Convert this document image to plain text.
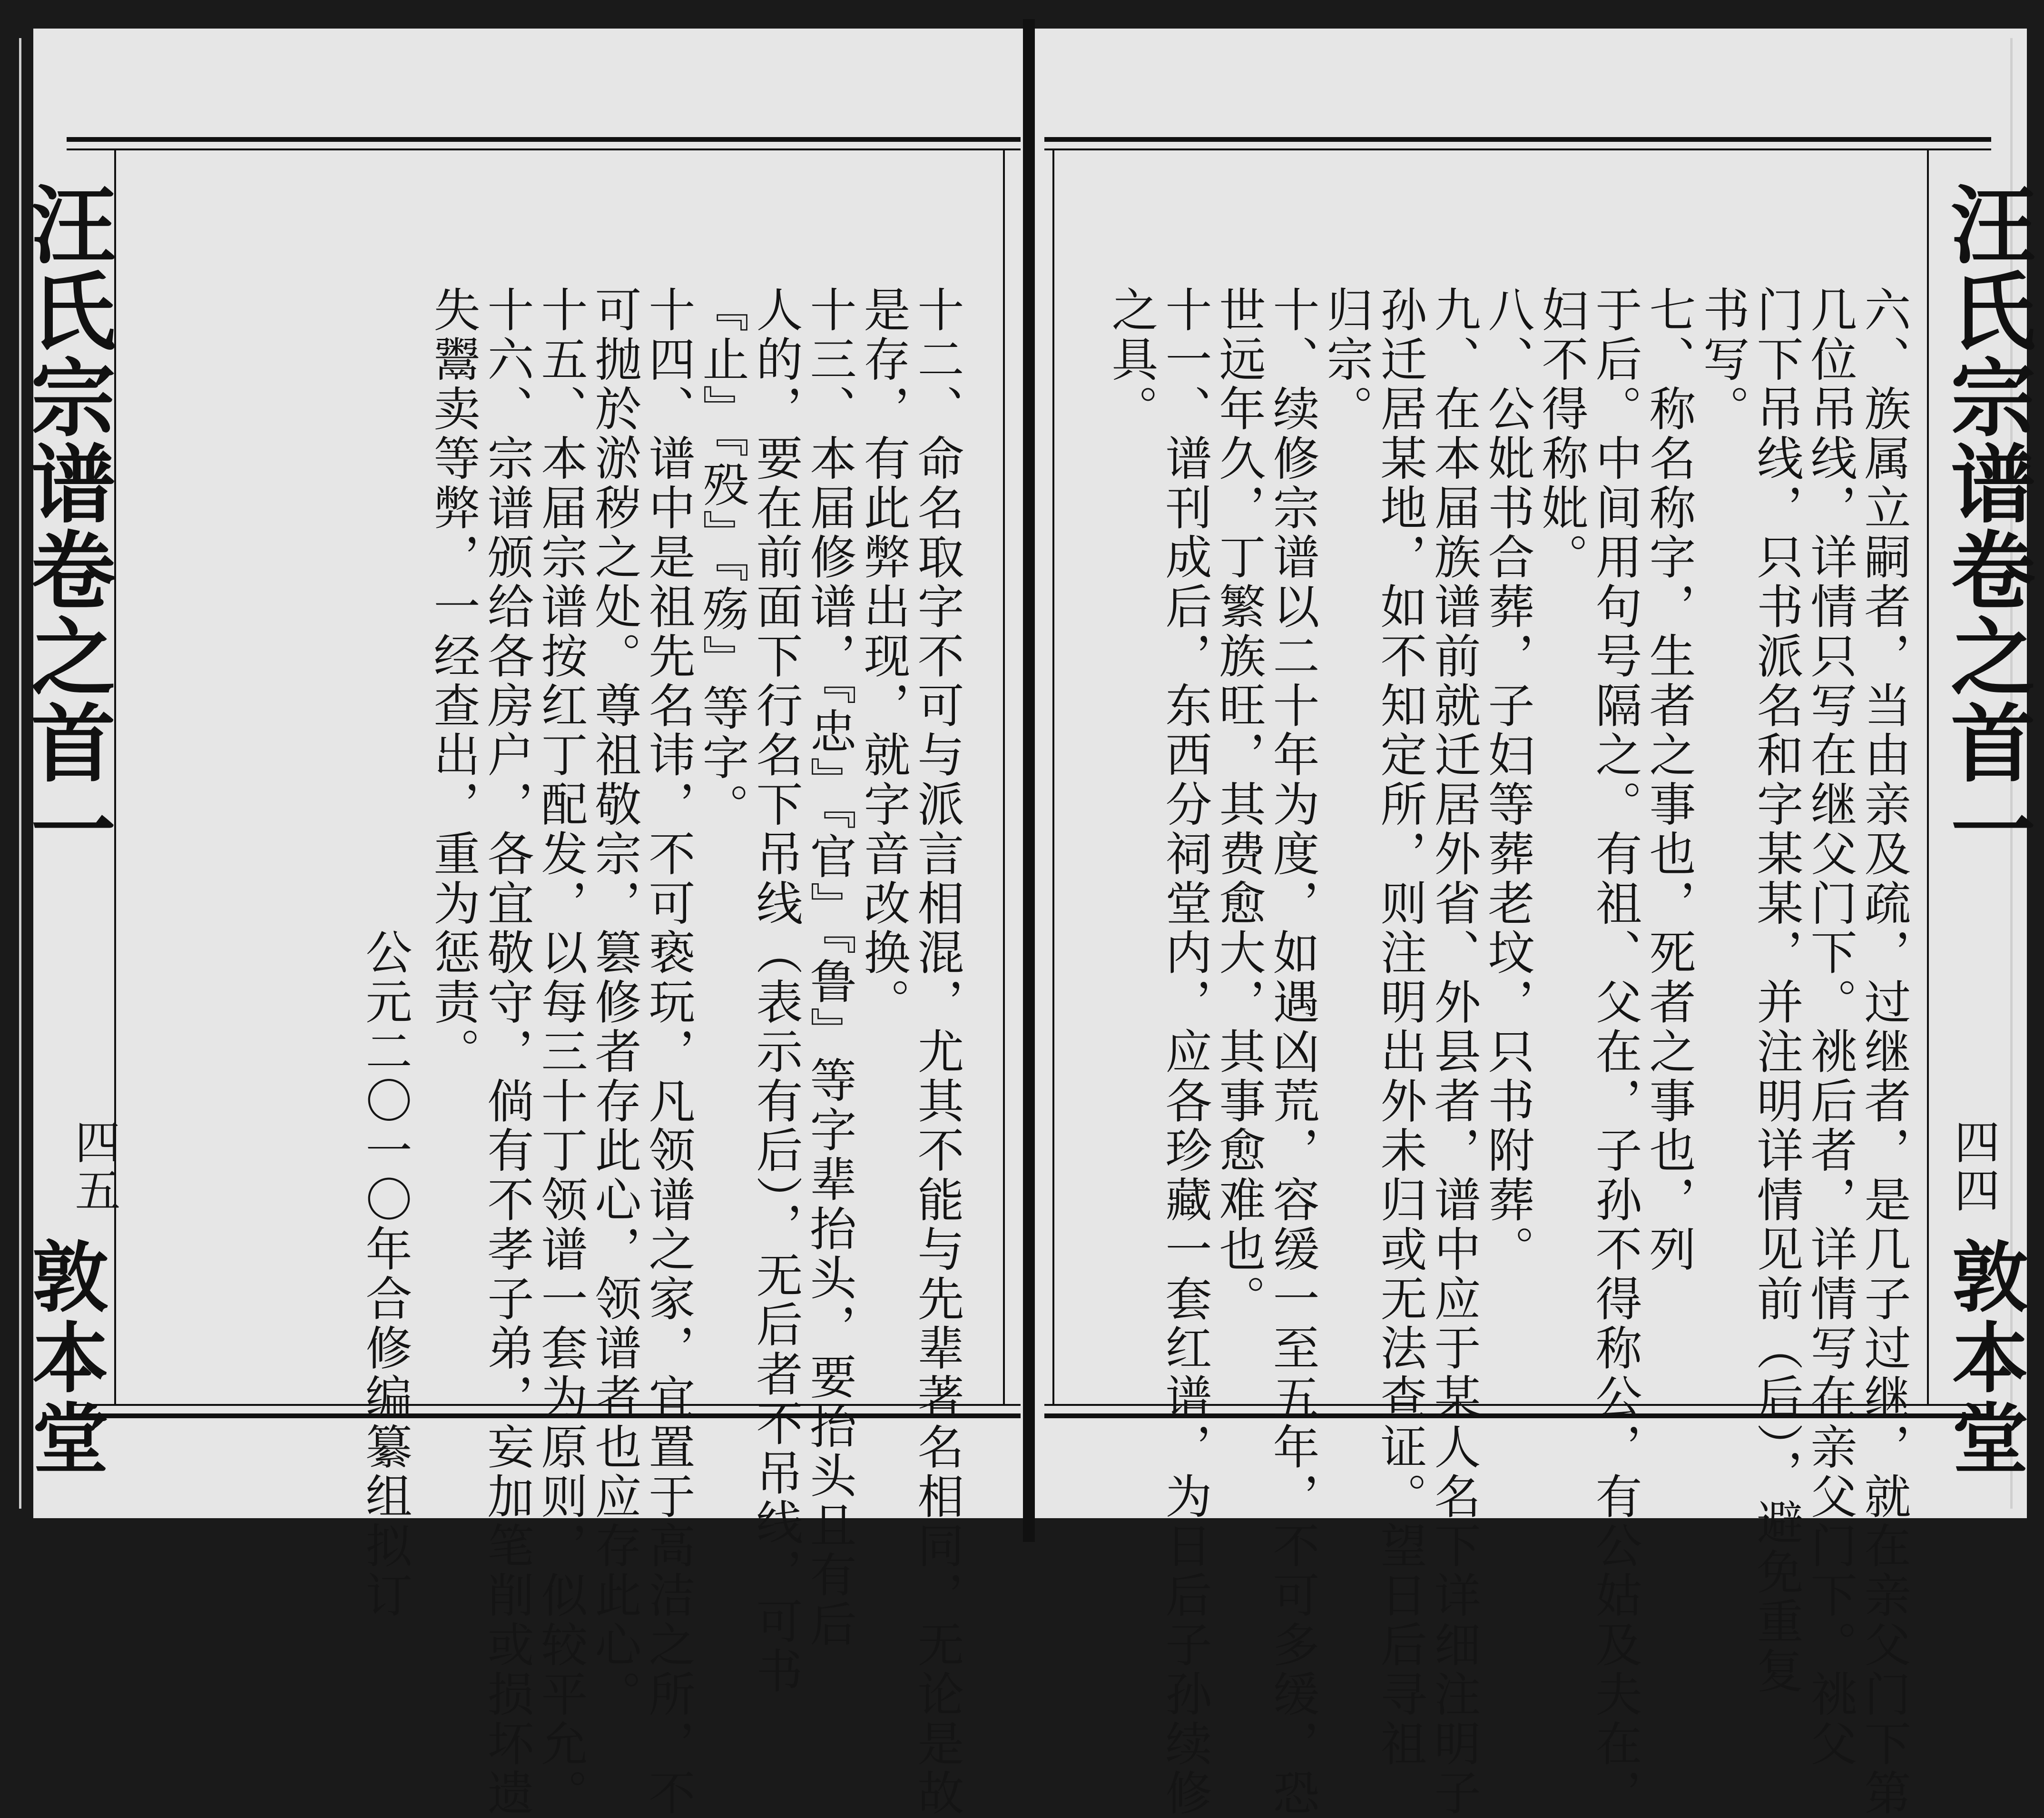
六、族属立嗣者，当由亲及疏，过继者，是几子过继，就在亲父门下第
几位吊线，详情只写在继父门下。祧后者，详情写在亲父门下。祧父
门下吊线，只书派名和字某某，并注明详情见前（后），避免重复
书写。
七、称名称字，生者之事也，死者之事也，列
于后。中间用句号隔之。有祖、父在，子孙不得称公，有公姑及夫在，
妇不得称妣。
八、公妣书合葬，子妇等葬老坟，只书附葬。
九、在本届族谱前就迁居外省、外县者，谱中应于某人名下详细注明子
孙迁居某地，如不知定所，则注明出外未归或无法查证。望日后寻祖
归宗。
十、续修宗谱以二十年为度，如遇凶荒，容缓一至五年，不可多缓，恐
世远年久，丁繁族旺，其费愈大，其事愈难也。
十一、谱刊成后，东西分祠堂内，应各珍藏一套红谱，为日后子孙续修
之具。	汪氏宗谱卷之首一
四四
敦本堂
十二、命名取字不可与派言相混，尤其不能与先辈著名相同，无论是故
是存，有此弊出现，就字音改换。
十三、本届修谱，『忠』『官』『鲁』等字辈抬头，要抬头且有后
人的，要在前面下行名下吊线（表示有后），无后者不吊线，可书
『止』『殁』『殇』等字。
十四、谱中是祖先名讳，不可亵玩，凡领谱之家，宜置于高洁之所，不
可抛於淤秽之处。尊祖敬宗，篡修者存此心，领谱者也应存此心。
十五、本届宗谱按红丁配发，以每三十丁领谱一套为原则，似较平允。
十六、宗谱颁给各房户，各宜敬守，倘有不孝子弟，妄加笔削或损坏遗
失鬻卖等弊，一经查出，重为惩责。
公元二〇一〇年合修编纂组拟订
汪氏宗谱卷之首一
四五
敦本堂
